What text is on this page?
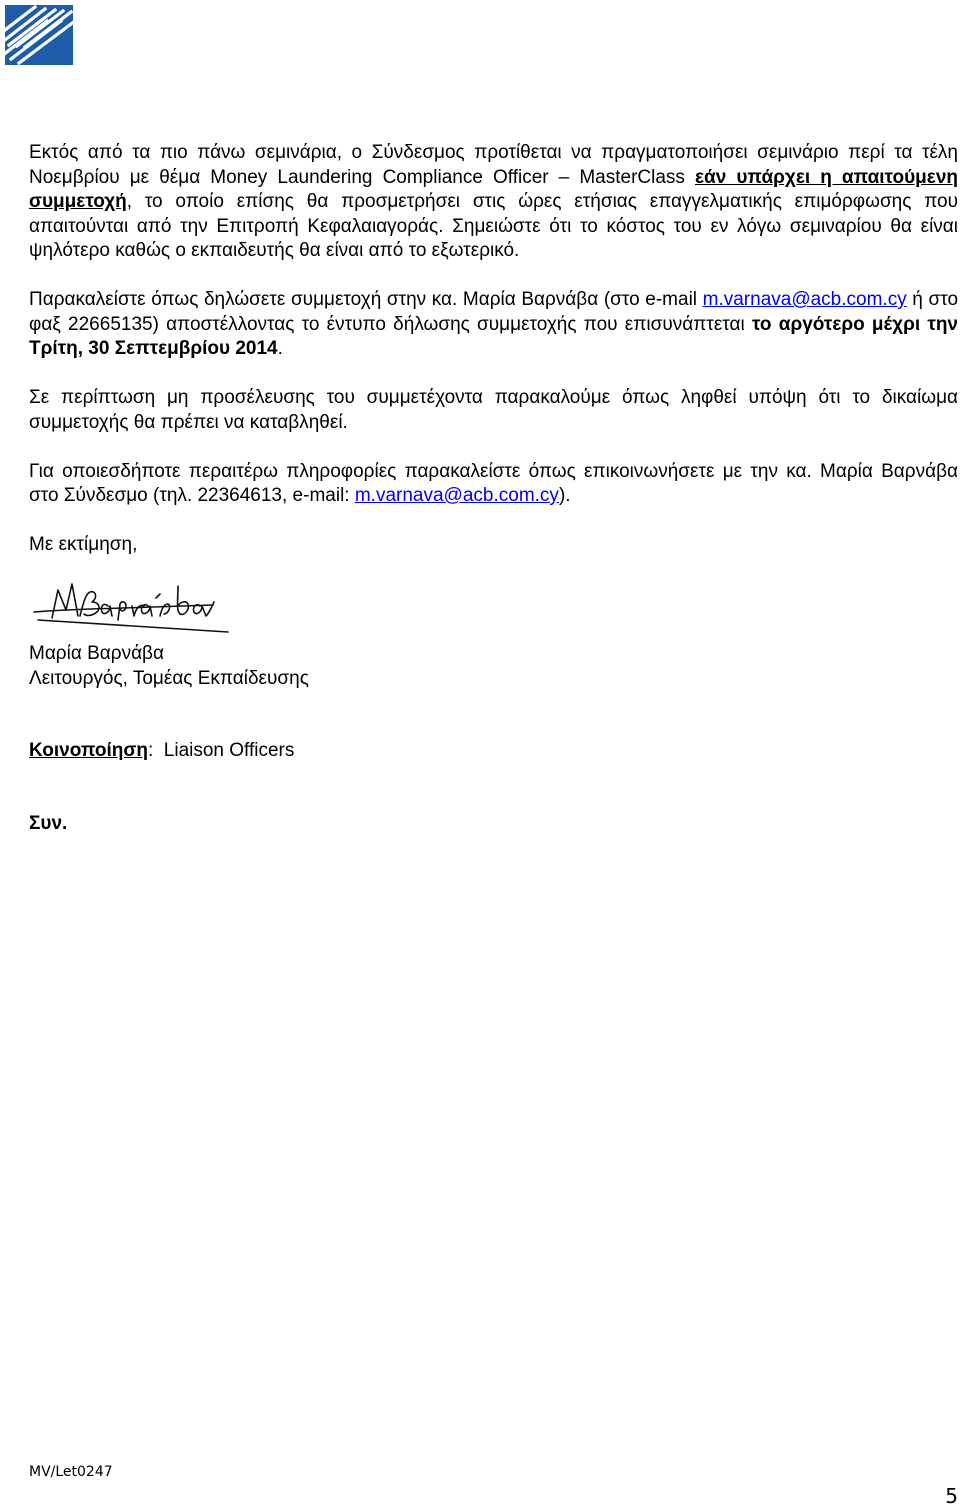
Εκτός από τα πιο πάνω σεμινάρια, ο Σύνδεσμος προτίθεται να πραγματοποιήσει σεμινάριο περί τα τέλη Νοεμβρίου με θέμα Money Laundering Compliance Officer – MasterClass εάν υπάρχει η απαιτούμενη συμμετοχή, το οποίο επίσης θα προσμετρήσει στις ώρες ετήσιας επαγγελματικής επιμόρφωσης που απαιτούνται από την Επιτροπή Κεφαλαιαγοράς. Σημειώστε ότι το κόστος του εν λόγω σεμιναρίου θα είναι ψηλότερο καθώς ο εκπαιδευτής θα είναι από το εξωτερικό.

Παρακαλείστε όπως δηλώσετε συμμετοχή στην κα. Μαρία Βαρνάβα (στο e-mail m.varnava@acb.com.cy ή στο φαξ 22665135) αποστέλλοντας το έντυπο δήλωσης συμμετοχής που επισυνάπτεται το αργότερο μέχρι την Τρίτη, 30 Σεπτεμβρίου 2014.

Σε περίπτωση μη προσέλευσης του συμμετέχοντα παρακαλούμε όπως ληφθεί υπόψη ότι το δικαίωμα συμμετοχής θα πρέπει να καταβληθεί.

Για οποιεσδήποτε περαιτέρω πληροφορίες παρακαλείστε όπως επικοινωνήσετε με την κα. Μαρία Βαρνάβα στο Σύνδεσμο (τηλ. 22364613, e-mail: m.varnava@acb.com.cy).

Με εκτίμηση,

Μαρία Βαρνάβα
Λειτουργός, Τομέας Εκπαίδευσης
Κοινοποίηση: Liaison Officers
Συν.
MV/Let0247
5
